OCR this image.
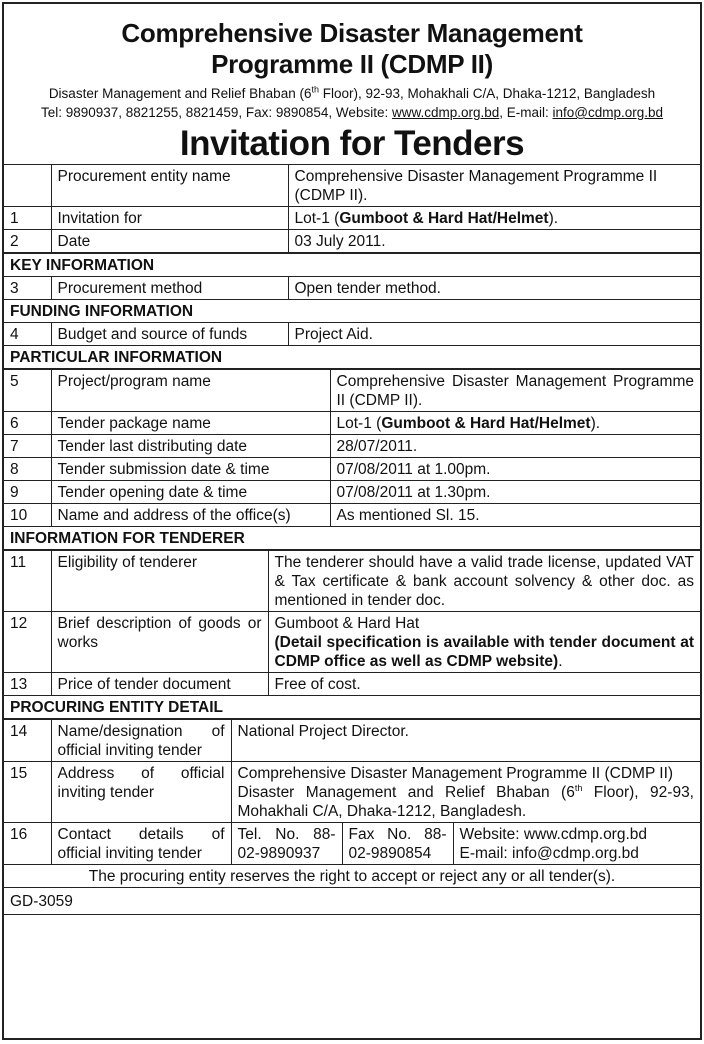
Comprehensive Disaster Management
Programme II (CDMP II)
Disaster Management and Relief Bhaban (6th Floor), 92-93, Mohakhali C/A, Dhaka-1212, Bangladesh
Tel: 9890937, 8821255, 8821459, Fax: 9890854, Website: www.cdmp.org.bd, E-mail: info@cdmp.org.bd
Invitation for Tenders
	Procurement entity name	Comprehensive Disaster Management Programme II (CDMP II).
1	Invitation for	Lot-1 (Gumboot & Hard Hat/Helmet).
2	Date	03 July 2011.
KEY INFORMATION		
3	Procurement method	Open tender method.
FUNDING INFORMATION		
4	Budget and source of funds	Project Aid.
PARTICULAR INFORMATION		
5	Project/program name	Comprehensive Disaster Management Programme II (CDMP II).
6	Tender package name	Lot-1 (Gumboot & Hard Hat/Helmet).
7	Tender last distributing date	28/07/2011.
8	Tender submission date & time	07/08/2011 at 1.00pm.
9	Tender opening date & time	07/08/2011 at 1.30pm.
10	Name and address of the office(s)	As mentioned Sl. 15.
INFORMATION FOR TENDERER		
11	Eligibility of tenderer	The tenderer should have a valid trade license, updated VAT & Tax certificate & bank account solvency & other doc. as mentioned in tender doc.
12	Brief description of goods or works	Gumboot & Hard Hat
(Detail specification is available with tender document at CDMP office as well as CDMP website).

13	Price of tender document	Free of cost.
PROCURING ENTITY DETAIL		
14	Name/designation of official inviting tender	National Project Director.		
15	Address of official inviting tender	Comprehensive Disaster Management Programme II (CDMP II)
Disaster Management and Relief Bhaban (6th Floor), 92-93, Mohakhali C/A, Dhaka-1212, Bangladesh.		

16	Contact details of official inviting tender	Tel. No. 88-02-9890937	Fax No. 88-02-9890854	Website: www.cdmp.org.bd
E-mail: info@cdmp.org.bd

The procuring entity reserves the right to accept or reject any or all tender(s).				
GD-3059				
